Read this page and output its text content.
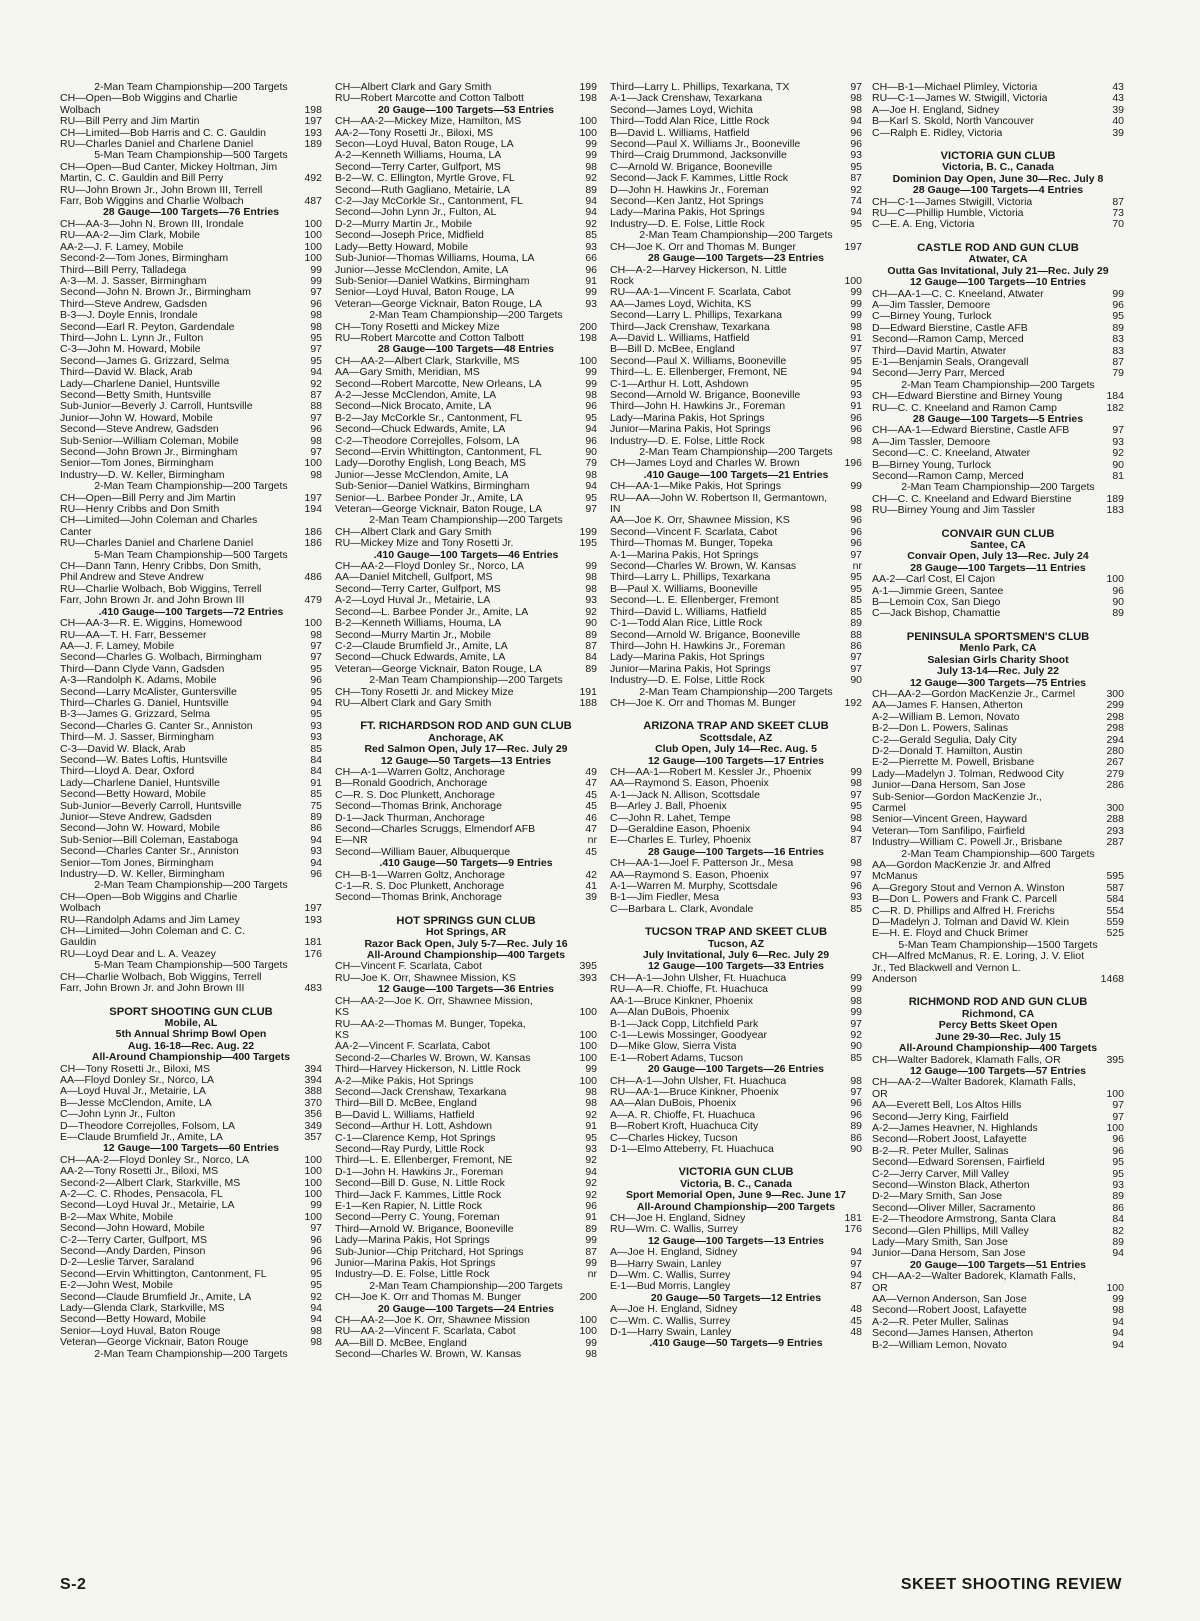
2-Man Team Championship—200 Targets
CH—Open—Bob Wiggins and Charlie
Wolbach	198
RU—Bill Perry and Jim Martin	197
CH—Limited—Bob Harris and C. C. Gauldin	193
RU—Charles Daniel and Charlene Daniel	189
5-Man Team Championship—500 Targets
CH—Open—Bud Canter, Mickey Holtman, Jim
Martin, C. C. Gauldin and Bill Perry	492
RU—John Brown Jr., John Brown III, Terrell
Farr, Bob Wiggins and Charlie Wolbach	487
28 Gauge—100 Targets—76 Entries
CH—AA-3—John N. Brown III, Irondale	100
RU—AA-2—Jim Clark, Mobile	100
AA-2—J. F. Lamey, Mobile	100
Second-2—Tom Jones, Birmingham	100
Third—Bill Perry, Talladega	99
A-3—M. J. Sasser, Birmingham	99
Second—John N. Brown Jr., Birmingham	97
Third—Steve Andrew, Gadsden	96
B-3—J. Doyle Ennis, Irondale	98
Second—Earl R. Peyton, Gardendale	98
Third—John L. Lynn Jr., Fulton	95
C-3—John M. Howard, Mobile	97
Second—James G. Grizzard, Selma	95
Third—David W. Black, Arab	94
Lady—Charlene Daniel, Huntsville	92
Second—Betty Smith, Huntsville	87
Sub-Junior—Beverly J. Carroll, Huntsville	88
Junior—John W. Howard, Mobile	97
Second—Steve Andrew, Gadsden	96
Sub-Senior—William Coleman, Mobile	98
Second—John Brown Jr., Birmingham	97
Senior—Tom Jones, Birmingham	100
Industry—D. W. Keller, Birmingham	98
2-Man Team Championship—200 Targets
CH—Open—Bill Perry and Jim Martin	197
RU—Henry Cribbs and Don Smith	194
CH—Limited—John Coleman and Charles
Canter	186
RU—Charles Daniel and Charlene Daniel	186
5-Man Team Championship—500 Targets
CH—Dann Tann, Henry Cribbs, Don Smith,
Phil Andrew and Steve Andrew	486
RU—Charlie Wolbach, Bob Wiggins, Terrell
Farr, John Brown Jr. and John Brown III	479
.410 Gauge—100 Targets—72 Entries
CH—AA-3—R. E. Wiggins, Homewood	100
RU—AA—T. H. Farr, Bessemer	98
AA—J. F. Lamey, Mobile	97
Second—Charles G. Wolbach, Birmingham	97
Third—Dann Clyde Vann, Gadsden	95
A-3—Randolph K. Adams, Mobile	96
Second—Larry McAlister, Guntersville	95
Third—Charles G. Daniel, Huntsville	94
B-3—James G. Grizzard, Selma	95
Second—Charles G. Canter Sr., Anniston	93
Third—M. J. Sasser, Birmingham	93
C-3—David W. Black, Arab	85
Second—W. Bates Loftis, Huntsville	84
Third—Lloyd A. Dear, Oxford	84
Lady—Charlene Daniel, Huntsville	91
Second—Betty Howard, Mobile	85
Sub-Junior—Beverly Carroll, Huntsville	75
Junior—Steve Andrew, Gadsden	89
Second—John W. Howard, Mobile	86
Sub-Senior—Bill Coleman, Eastaboga	94
Second—Charles Canter Sr., Anniston	93
Senior—Tom Jones, Birmingham	94
Industry—D. W. Keller, Birmingham	96
2-Man Team Championship—200 Targets
CH—Open—Bob Wiggins and Charlie
Wolbach	197
RU—Randolph Adams and Jim Lamey	193
CH—Limited—John Coleman and C. C.
Gauldin	181
RU—Loyd Dear and L. A. Veazey	176
5-Man Team Championship—500 Targets
CH—Charlie Wolbach, Bob Wiggins, Terrell
Farr, John Brown Jr. and John Brown III	483
SPORT SHOOTING GUN CLUB
Mobile, AL
5th Annual Shrimp Bowl Open
Aug. 16-18—Rec. Aug. 22
All-Around Championship—400 Targets
CH—Tony Rosetti Jr., Biloxi, MS	394
AA—Floyd Donley Sr., Norco, LA	394
A—Loyd Huval Jr., Metairie, LA	388
B—Jesse McClendon, Amite, LA	370
C—John Lynn Jr., Fulton	356
D—Theodore Correjolles, Folsom, LA	349
E—Claude Brumfield Jr., Amite, LA	357
12 Gauge—100 Targets—60 Entries
CH—AA-2—Floyd Donley Sr., Norco, LA	100
AA-2—Tony Rosetti Jr., Biloxi, MS	100
Second-2—Albert Clark, Starkville, MS	100
A-2—C. C. Rhodes, Pensacola, FL	100
Second—Loyd Huval Jr., Metairie, LA	99
B-2—Max White, Mobile	100
Second—John Howard, Mobile	97
C-2—Terry Carter, Gulfport, MS	96
Second—Andy Darden, Pinson	96
D-2—Leslie Tarver, Saraland	96
Second—Ervin Whittington, Cantonment, FL	95
E-2—John West, Mobile	95
Second—Claude Brumfield Jr., Amite, LA	92
Lady—Glenda Clark, Starkville, MS	94
Second—Betty Howard, Mobile	94
Senior—Loyd Huval, Baton Rouge	98
Veteran—George Vicknair, Baton Rouge	98
2-Man Team Championship—200 Targets
CH—Albert Clark and Gary Smith	199
RU—Robert Marcotte and Cotton Talbott	198
20 Gauge—100 Targets—53 Entries
CH—AA-2—Mickey Mize, Hamilton, MS	100
AA-2—Tony Rosetti Jr., Biloxi, MS	100
Secon—Loyd Huval, Baton Rouge, LA	99
A-2—Kenneth Williams, Houma, LA	99
Second—Terry Carter, Gulfport, MS	98
B-2—W. C. Ellington, Myrtle Grove, FL	92
Second—Ruth Gagliano, Metairie, LA	89
C-2—Jay McCorkle Sr., Cantonment, FL	94
Second—John Lynn Jr., Fulton, AL	94
D-2—Murry Martin Jr., Mobile	92
Second—Joseph Price, Midfield	85
Lady—Betty Howard, Mobile	93
Sub-Junior—Thomas Williams, Houma, LA	66
Junior—Jesse McClendon, Amite, LA	96
Sub-Senior—Daniel Watkins, Birmingham	91
Senior—Loyd Huval, Baton Rouge, LA	99
Veteran—George Vicknair, Baton Rouge, LA	93
2-Man Team Championship—200 Targets
CH—Tony Rosetti and Mickey Mize	200
RU—Robert Marcotte and Cotton Talbott	198
28 Gauge—100 Targets—48 Entries
CH—AA-2—Albert Clark, Starkville, MS	100
AA—Gary Smith, Meridian, MS	99
Second—Robert Marcotte, New Orleans, LA	99
A-2—Jesse McClendon, Amite, LA	98
Second—Nick Brocato, Amite, LA	96
B-2—Jay McCorkle Sr., Cantonment, FL	95
Second—Chuck Edwards, Amite, LA	94
C-2—Theodore Correjolles, Folsom, LA	96
Second—Ervin Whittington, Cantonment, FL	90
Lady—Dorothy English, Long Beach, MS	79
Junior—Jesse McClendon, Amite, LA	98
Sub-Senior—Daniel Watkins, Birmingham	94
Senior—L. Barbee Ponder Jr., Amite, LA	95
Veteran—George Vicknair, Baton Rouge, LA	97
2-Man Team Championship—200 Targets
CH—Albert Clark and Gary Smith	199
RU—Mickey Mize and Tony Rosetti Jr.	195
.410 Gauge—100 Targets—46 Entries
CH—AA-2—Floyd Donley Sr., Norco, LA	99
AA—Daniel Mitchell, Gulfport, MS	98
Second—Terry Carter, Gulfport, MS	98
A-2—Loyd Huval Jr., Metairie, LA	93
Second—L. Barbee Ponder Jr., Amite, LA	92
B-2—Kenneth Williams, Houma, LA	90
Second—Murry Martin Jr., Mobile	89
C-2—Claude Brumfield Jr., Amite, LA	87
Second—Chuck Edwards, Amite, LA	84
Veteran—George Vicknair, Baton Rouge, LA	89
2-Man Team Championship—200 Targets
CH—Tony Rosetti Jr. and Mickey Mize	191
RU—Albert Clark and Gary Smith	188
FT. RICHARDSON ROD AND GUN CLUB
Anchorage, AK
Red Salmon Open, July 17—Rec. July 29
12 Gauge—50 Targets—13 Entries
CH—A-1—Warren Goltz, Anchorage	49
B—Ronald Goodrich, Anchorage	47
C—R. S. Doc Plunkett, Anchorage	45
Second—Thomas Brink, Anchorage	45
D-1—Jack Thurman, Anchorage	46
Second—Charles Scruggs, Elmendorf AFB	47
E—NR	nr
Second—William Bauer, Albuquerque	45
.410 Gauge—50 Targets—9 Entries
CH—B-1—Warren Goltz, Anchorage	42
C-1—R. S. Doc Plunkett, Anchorage	41
Second—Thomas Brink, Anchorage	39
HOT SPRINGS GUN CLUB
Hot Springs, AR
Razor Back Open, July 5-7—Rec. July 16
All-Around Championship—400 Targets
CH—Vincent F. Scarlata, Cabot	395
RU—Joe K. Orr, Shawnee Mission, KS	393
12 Gauge—100 Targets—36 Entries
CH—AA-2—Joe K. Orr, Shawnee Mission,
KS	100
RU—AA-2—Thomas M. Bunger, Topeka,
KS	100
AA-2—Vincent F. Scarlata, Cabot	100
Second-2—Charles W. Brown, W. Kansas	100
Third—Harvey Hickerson, N. Little Rock	99
A-2—Mike Pakis, Hot Springs	100
Second—Jack Crenshaw, Texarkana	98
Third—Bill D. McBee, England	98
B—David L. Williams, Hatfield	92
Second—Arthur H. Lott, Ashdown	91
C-1—Clarence Kemp, Hot Springs	95
Second—Ray Purdy, Little Rock	93
Third—L. E. Ellenberger, Fremont, NE	92
D-1—John H. Hawkins Jr., Foreman	94
Second—Bill D. Guse, N. Little Rock	92
Third—Jack F. Kammes, Little Rock	92
E-1—Ken Rapier, N. Little Rock	96
Second—Perry C. Young, Foreman	91
Third—Arnold W. Brigance, Booneville	89
Lady—Marina Pakis, Hot Springs	99
Sub-Junior—Chip Pritchard, Hot Springs	87
Junior—Marina Pakis, Hot Springs	99
Industry—D. E. Folse, Little Rock	nr
2-Man Team Championship—200 Targets
CH—Joe K. Orr and Thomas M. Bunger	200
20 Gauge—100 Targets—24 Entries
CH—AA-2—Joe K. Orr, Shawnee Mission	100
RU—AA-2—Vincent F. Scarlata, Cabot	100
AA—Bill D. McBee, England	99
Second—Charles W. Brown, W. Kansas	98
Third—Larry L. Phillips, Texarkana, TX	97
A-1—Jack Crenshaw, Texarkana	98
Second—James Loyd, Wichita	98
Third—Todd Alan Rice, Little Rock	94
B—David L. Williams, Hatfield	96
Second—Paul X. Williams Jr., Booneville	96
Third—Craig Drummond, Jacksonville	93
C—Arnold W. Brigance, Booneville	95
Second—Jack F. Kammes, Little Rock	87
D—John H. Hawkins Jr., Foreman	92
Second—Ken Jantz, Hot Springs	74
Lady—Marina Pakis, Hot Springs	94
Industry—D. E. Folse, Little Rock	95
2-Man Team Championship—200 Targets
CH—Joe K. Orr and Thomas M. Bunger	197
28 Gauge—100 Targets—23 Entries
CH—A-2—Harvey Hickerson, N. Little
Rock	100
RU—AA-1—Vincent F. Scarlata, Cabot	99
AA—James Loyd, Wichita, KS	99
Second—Larry L. Phillips, Texarkana	99
Third—Jack Crenshaw, Texarkana	98
A—David L. Williams, Hatfield	91
B—Bill D. McBee, England	97
Second—Paul X. Williams, Booneville	95
Third—L. E. Ellenberger, Fremont, NE	94
C-1—Arthur H. Lott, Ashdown	95
Second—Arnold W. Brigance, Booneville	93
Third—John H. Hawkins Jr., Foreman	91
Lady—Marina Pakis, Hot Springs	96
Junior—Marina Pakis, Hot Springs	96
Industry—D. E. Folse, Little Rock	98
2-Man Team Championship—200 Targets
CH—James Loyd and Charles W. Brown	196
.410 Gauge—100 Targets—21 Entries
CH—AA-1—Mike Pakis, Hot Springs	99
RU—AA—John W. Robertson II, Germantown,
IN	98
AA—Joe K. Orr, Shawnee Mission, KS	96
Second—Vincent F. Scarlata, Cabot	96
Third—Thomas M. Bunger, Topeka	96
A-1—Marina Pakis, Hot Springs	97
Second—Charles W. Brown, W. Kansas	nr
Third—Larry L. Phillips, Texarkana	95
B—Paul X. Williams, Booneville	95
Second—L. E. Ellenberger, Fremont	85
Third—David L. Williams, Hatfield	85
C-1—Todd Alan Rice, Little Rock	89
Second—Arnold W. Brigance, Booneville	88
Third—John H. Hawkins Jr., Foreman	86
Lady—Marina Pakis, Hot Springs	97
Junior—Marina Pakis, Hot Springs	97
Industry—D. E. Folse, Little Rock	90
2-Man Team Championship—200 Targets
CH—Joe K. Orr and Thomas M. Bunger	192
ARIZONA TRAP AND SKEET CLUB
Scottsdale, AZ
Club Open, July 14—Rec. Aug. 5
12 Gauge—100 Targets—17 Entries
CH—AA-1—Robert M. Kessler Jr., Phoenix	99
AA—Raymond S. Eason, Phoenix	98
A-1—Jack N. Allison, Scottsdale	97
B—Arley J. Ball, Phoenix	95
C—John R. Lahet, Tempe	98
D—Geraldine Eason, Phoenix	94
E—Charles E. Turley, Phoenix	87
28 Gauge—100 Targets—16 Entries
CH—AA-1—Joel F. Patterson Jr., Mesa	98
AA—Raymond S. Eason, Phoenix	97
A-1—Warren M. Murphy, Scottsdale	96
B-1—Jim Fiedler, Mesa	93
C—Barbara L. Clark, Avondale	85
TUCSON TRAP AND SKEET CLUB
Tucson, AZ
July Invitational, July 6—Rec. July 29
12 Gauge—100 Targets—33 Entries
CH—A-1—John Ulsher, Ft. Huachuca	99
RU—A—R. Chioffe, Ft. Huachuca	99
AA-1—Bruce Kinkner, Phoenix	98
A—Alan DuBois, Phoenix	99
B-1—Jack Copp, Litchfield Park	97
C-1—Lewis Mossinger, Goodyear	92
D—Mike Glow, Sierra Vista	90
E-1—Robert Adams, Tucson	85
20 Gauge—100 Targets—26 Entries
CH—A-1—John Ulsher, Ft. Huachuca	98
RU—AA-1—Bruce Kinkner, Phoenix	97
AA—Alan DuBois, Phoenix	96
A—A. R. Chioffe, Ft. Huachuca	96
B—Robert Kroft, Huachuca City	89
C—Charles Hickey, Tucson	86
D-1—Elmo Atteberry, Ft. Huachuca	90
VICTORIA GUN CLUB
Victoria, B. C., Canada
Sport Memorial Open, June 9—Rec. June 17
All-Around Championship—200 Targets
CH—Joe H. England, Sidney	181
RU—Wm. C. Wallis, Surrey	176
12 Gauge—100 Targets—13 Entries
A—Joe H. England, Sidney	94
B—Harry Swain, Lanley	97
D—Wm. C. Wallis, Surrey	94
E-1—Bud Morris, Langley	87
20 Gauge—50 Targets—12 Entries
A—Joe H. England, Sidney	48
C—Wm. C. Wallis, Surrey	45
D-1—Harry Swain, Lanley	48
.410 Gauge—50 Targets—9 Entries
CH—B-1—Michael Plimley, Victoria	43
RU—C-1—James W. Stwigill, Victoria	43
A—Joe H. England, Sidney	39
B—Karl S. Skold, North Vancouver	40
C—Ralph E. Ridley, Victoria	39
VICTORIA GUN CLUB
Victoria, B. C., Canada
Dominion Day Open, June 30—Rec. July 8
28 Gauge—100 Targets—4 Entries
CH—C-1—James Stwigill, Victoria	87
RU—C—Phillip Humble, Victoria	73
C—E. A. Eng, Victoria	70
CASTLE ROD AND GUN CLUB
Atwater, CA
Outta Gas Invitational, July 21—Rec. July 29
12 Gauge—100 Targets—10 Entries
CH—AA-1—C. C. Kneeland, Atwater	99
A—Jim Tassler, Demoore	96
C—Birney Young, Turlock	95
D—Edward Bierstine, Castle AFB	89
Second—Ramon Camp, Merced	83
Third—David Martin, Atwater	83
E-1—Benjamin Seals, Orangevall	87
Second—Jerry Parr, Merced	79
2-Man Team Championship—200 Targets
CH—Edward Bierstine and Birney Young	184
RU—C. C. Kneeland and Ramon Camp	182
28 Gauge—100 Targets—5 Entries
CH—AA-1—Edward Bierstine, Castle AFB	97
A—Jim Tassler, Demoore	93
Second—C. C. Kneeland, Atwater	92
B—Birney Young, Turlock	90
Second—Ramon Camp, Merced	81
2-Man Team Championship—200 Targets
CH—C. C. Kneeland and Edward Bierstine	189
RU—Birney Young and Jim Tassler	183
CONVAIR GUN CLUB
Santee, CA
Convair Open, July 13—Rec. July 24
28 Gauge—100 Targets—11 Entries
AA-2—Carl Cost, El Cajon	100
A-1—Jimmie Green, Santee	96
B—Lemoin Cox, San Diego	90
C—Jack Bishop, Chamattie	89
PENINSULA SPORTSMEN'S CLUB
Menlo Park, CA
Salesian Girls Charity Shoot
July 13-14—Rec. July 22
12 Gauge—300 Targets—75 Entries
CH—AA-2—Gordon MacKenzie Jr., Carmel	300
AA—James F. Hansen, Atherton	299
A-2—William B. Lemon, Novato	298
B-2—Don L. Powers, Salinas	298
C-2—Gerald Segulia, Daly City	294
D-2—Donald T. Hamilton, Austin	280
E-2—Pierrette M. Powell, Brisbane	267
Lady—Madelyn J. Tolman, Redwood City	279
Junior—Dana Hersom, San Jose	286
Sub-Senior—Gordon MacKenzie Jr.,
Carmel	300
Senior—Vincent Green, Hayward	288
Veteran—Tom Sanfilipo, Fairfield	293
Industry—William C. Powell Jr., Brisbane	287
2-Man Team Championship—600 Targets
AA—Gordon MacKenzie Jr. and Alfred
McManus	595
A—Gregory Stout and Vernon A. Winston	587
B—Don L. Powers and Frank C. Parcell	584
C—R. D. Phillips and Alfred H. Frerichs	554
D—Madelyn J. Tolman and David W. Klein	559
E—H. E. Floyd and Chuck Brimer	525
5-Man Team Championship—1500 Targets
CH—Alfred McManus, R. E. Loring, J. V. Eliot
Jr., Ted Blackwell and Vernon L.
Anderson	1468
RICHMOND ROD AND GUN CLUB
Richmond, CA
Percy Betts Skeet Open
June 29-30—Rec. July 15
All-Around Championship—400 Targets
CH—Walter Badorek, Klamath Falls, OR	395
12 Gauge—100 Targets—57 Entries
CH—AA-2—Walter Badorek, Klamath Falls,
OR	100
AA—Everett Bell, Los Altos Hills	97
Second—Jerry King, Fairfield	97
A-2—James Heavner, N. Highlands	100
Second—Robert Joost, Lafayette	96
B-2—R. Peter Muller, Salinas	96
Second—Edward Sorensen, Fairfield	95
C-2—Jerry Carver, Mill Valley	95
Second—Winston Black, Atherton	93
D-2—Mary Smith, San Jose	89
Second—Oliver Miller, Sacramento	86
E-2—Theodore Armstrong, Santa Clara	84
Second—Glen Phillips, Mill Valley	82
Lady—Mary Smith, San Jose	89
Junior—Dana Hersom, San Jose	94
20 Gauge—100 Targets—51 Entries
CH—AA-2—Walter Badorek, Klamath Falls,
OR	100
AA—Vernon Anderson, San Jose	99
Second—Robert Joost, Lafayette	98
A-2—R. Peter Muller, Salinas	94
Second—James Hansen, Atherton	94
B-2—William Lemon, Novato	94
S-2	SKEET SHOOTING REVIEW
